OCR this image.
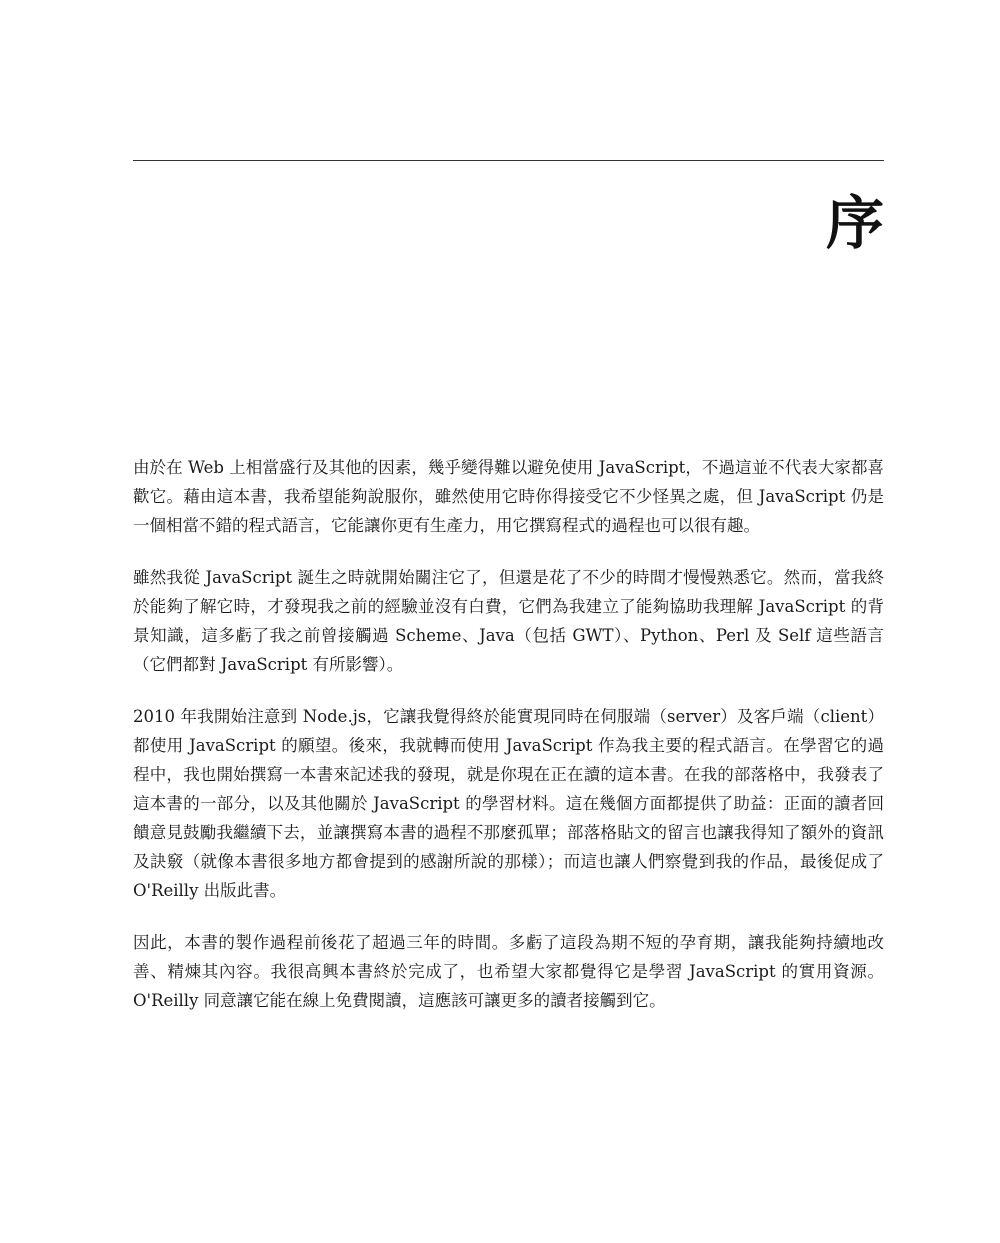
序

由於在 Web 上相當盛行及其他的因素，幾乎變得難以避免使用 JavaScript，不過這並不代表大家都喜歡它。藉由這本書，我希望能夠說服你，雖然使用它時你得接受它不少怪異之處，但 JavaScript 仍是一個相當不錯的程式語言，它能讓你更有生產力，用它撰寫程式的過程也可以很有趣。

雖然我從 JavaScript 誕生之時就開始關注它了，但還是花了不少的時間才慢慢熟悉它。然而，當我終於能夠了解它時，才發現我之前的經驗並沒有白費，它們為我建立了能夠協助我理解 JavaScript 的背景知識，這多虧了我之前曾接觸過 Scheme、Java（包括 GWT）、Python、Perl 及 Self 這些語言（它們都對 JavaScript 有所影響）。

2010 年我開始注意到 Node.js，它讓我覺得終於能實現同時在伺服端（server）及客戶端（client）都使用 JavaScript 的願望。後來，我就轉而使用 JavaScript 作為我主要的程式語言。在學習它的過程中，我也開始撰寫一本書來記述我的發現，就是你現在正在讀的這本書。在我的部落格中，我發表了這本書的一部分，以及其他關於 JavaScript 的學習材料。這在幾個方面都提供了助益：正面的讀者回饋意見鼓勵我繼續下去，並讓撰寫本書的過程不那麼孤單；部落格貼文的留言也讓我得知了額外的資訊及訣竅（就像本書很多地方都會提到的感謝所說的那樣）；而這也讓人們察覺到我的作品，最後促成了 O'Reilly 出版此書。

因此，本書的製作過程前後花了超過三年的時間。多虧了這段為期不短的孕育期，讓我能夠持續地改善、精煉其內容。我很高興本書終於完成了，也希望大家都覺得它是學習 JavaScript 的實用資源。O'Reilly 同意讓它能在線上免費閱讀，這應該可讓更多的讀者接觸到它。
